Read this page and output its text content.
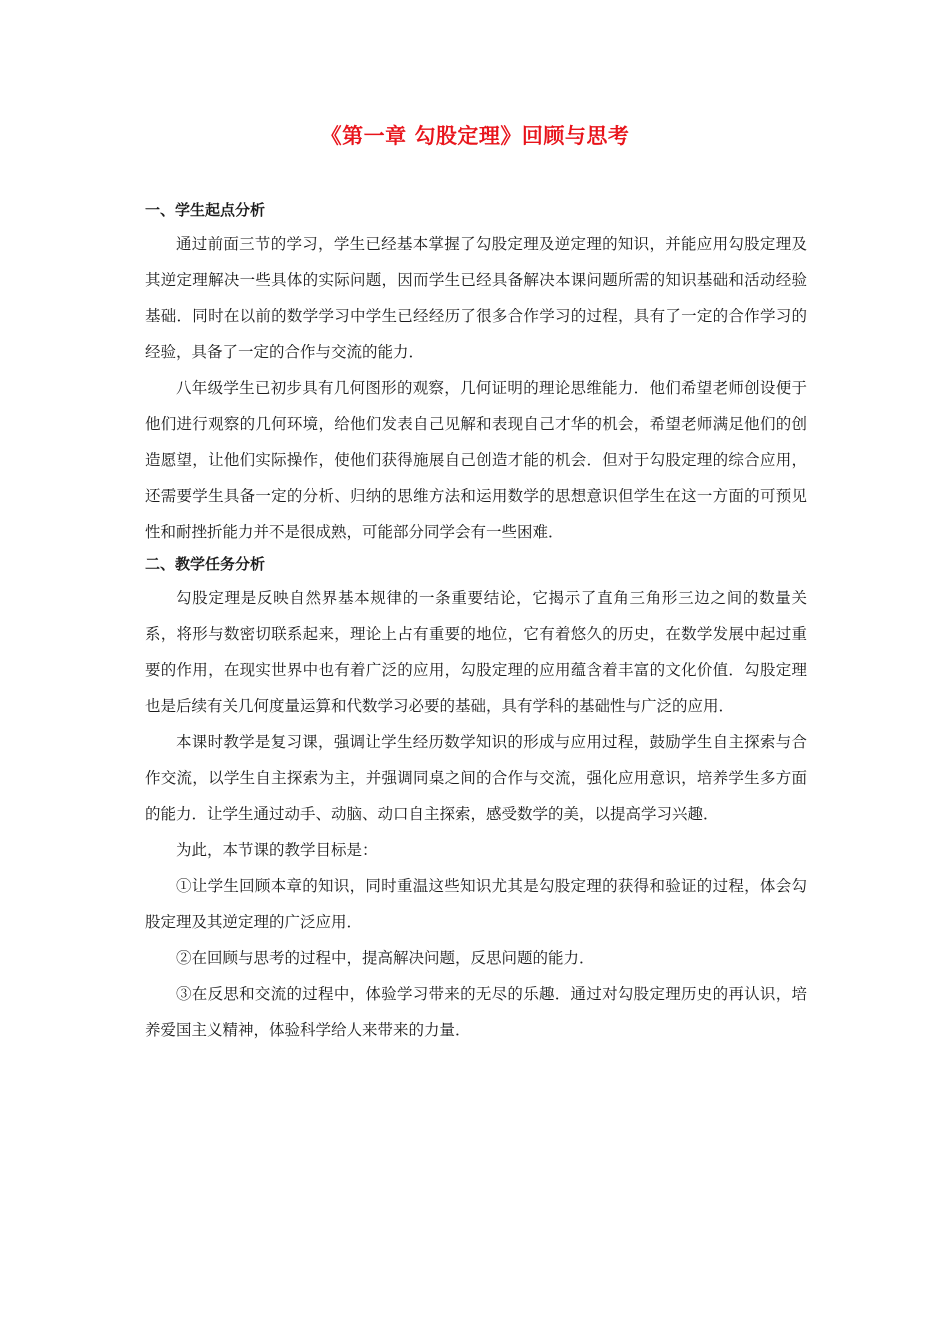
《第一章 勾股定理》回顾与思考

一、学生起点分析

通过前面三节的学习，学生已经基本掌握了勾股定理及逆定理的知识，并能应用勾股定理及其逆定理解决一些具体的实际问题，因而学生已经具备解决本课问题所需的知识基础和活动经验基础．同时在以前的数学学习中学生已经经历了很多合作学习的过程，具有了一定的合作学习的经验，具备了一定的合作与交流的能力．

八年级学生已初步具有几何图形的观察，几何证明的理论思维能力．他们希望老师创设便于他们进行观察的几何环境，给他们发表自己见解和表现自己才华的机会，希望老师满足他们的创造愿望，让他们实际操作，使他们获得施展自己创造才能的机会．但对于勾股定理的综合应用，还需要学生具备一定的分析、归纳的思维方法和运用数学的思想意识但学生在这一方面的可预见性和耐挫折能力并不是很成熟，可能部分同学会有一些困难．

二、教学任务分析

勾股定理是反映自然界基本规律的一条重要结论，它揭示了直角三角形三边之间的数量关系，将形与数密切联系起来，理论上占有重要的地位，它有着悠久的历史，在数学发展中起过重要的作用，在现实世界中也有着广泛的应用，勾股定理的应用蕴含着丰富的文化价值．勾股定理也是后续有关几何度量运算和代数学习必要的基础，具有学科的基础性与广泛的应用．

本课时教学是复习课，强调让学生经历数学知识的形成与应用过程，鼓励学生自主探索与合作交流，以学生自主探索为主，并强调同桌之间的合作与交流，强化应用意识，培养学生多方面的能力．让学生通过动手、动脑、动口自主探索，感受数学的美，以提高学习兴趣．

为此，本节课的教学目标是：

①让学生回顾本章的知识，同时重温这些知识尤其是勾股定理的获得和验证的过程，体会勾股定理及其逆定理的广泛应用．

②在回顾与思考的过程中，提高解决问题，反思问题的能力．

③在反思和交流的过程中，体验学习带来的无尽的乐趣．通过对勾股定理历史的再认识，培养爱国主义精神，体验科学给人来带来的力量．
